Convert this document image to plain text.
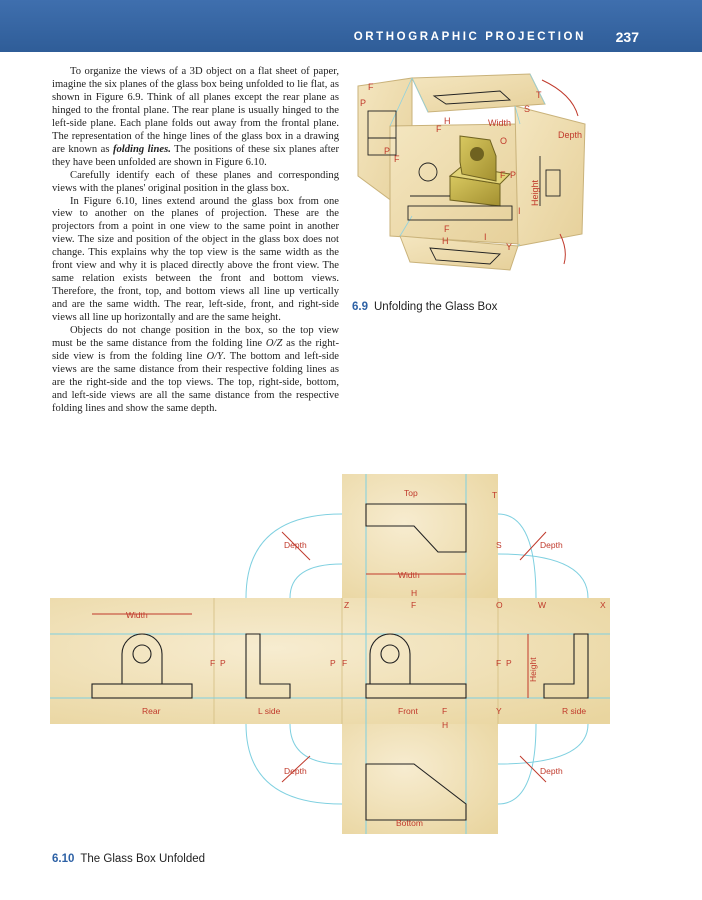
ORTHOGRAPHIC PROJECTION 237

To organize the views of a 3D object on a flat sheet of paper, imagine the six planes of the glass box being unfolded to lie flat, as shown in Figure 6.9. Think of all planes except the rear plane as hinged to the frontal plane. The rear plane is usually hinged to the left-side plane. Each plane folds out away from the frontal plane. The representation of the hinge lines of the glass box in a drawing are known as folding lines. The positions of these six planes after they have been unfolded are shown in Figure 6.10.

Carefully identify each of these planes and corresponding views with the planes' original position in the glass box.

In Figure 6.10, lines extend around the glass box from one view to another on the planes of projection. These are the projectors from a point in one view to the same point in another view. The size and position of the object in the glass box does not change. This explains why the top view is the same width as the front view and why it is placed directly above the front view. The same relation exists between the front and bottom views. Therefore, the front, top, and bottom views all line up vertically and are the same width. The rear, left-side, front, and right-side views all line up horizontally and are the same height.

Objects do not change position in the box, so the top view must be the same distance from the folding line O/Z as the right-side view is from the folding line O/Y. The bottom and left-side views are the same distance from their respective folding lines as are the right-side and the top views. The top, right-side, bottom, and left-side views are all the same distance from the respective folding lines and show the same depth.

F
P
H
F
T
S
Width
Depth
O
P
F
F P
I
F
H	I
Y
Height
6.9 Unfolding the Glass Box
Top	T
Depth	S	Depth
Width
H
Z	F	O	W	X
Width
F P	P F	F P Height
Rear	L side	Front	F
H
Y	R side
Depth	Depth
Bottom
6.10 The Glass Box Unfolded
